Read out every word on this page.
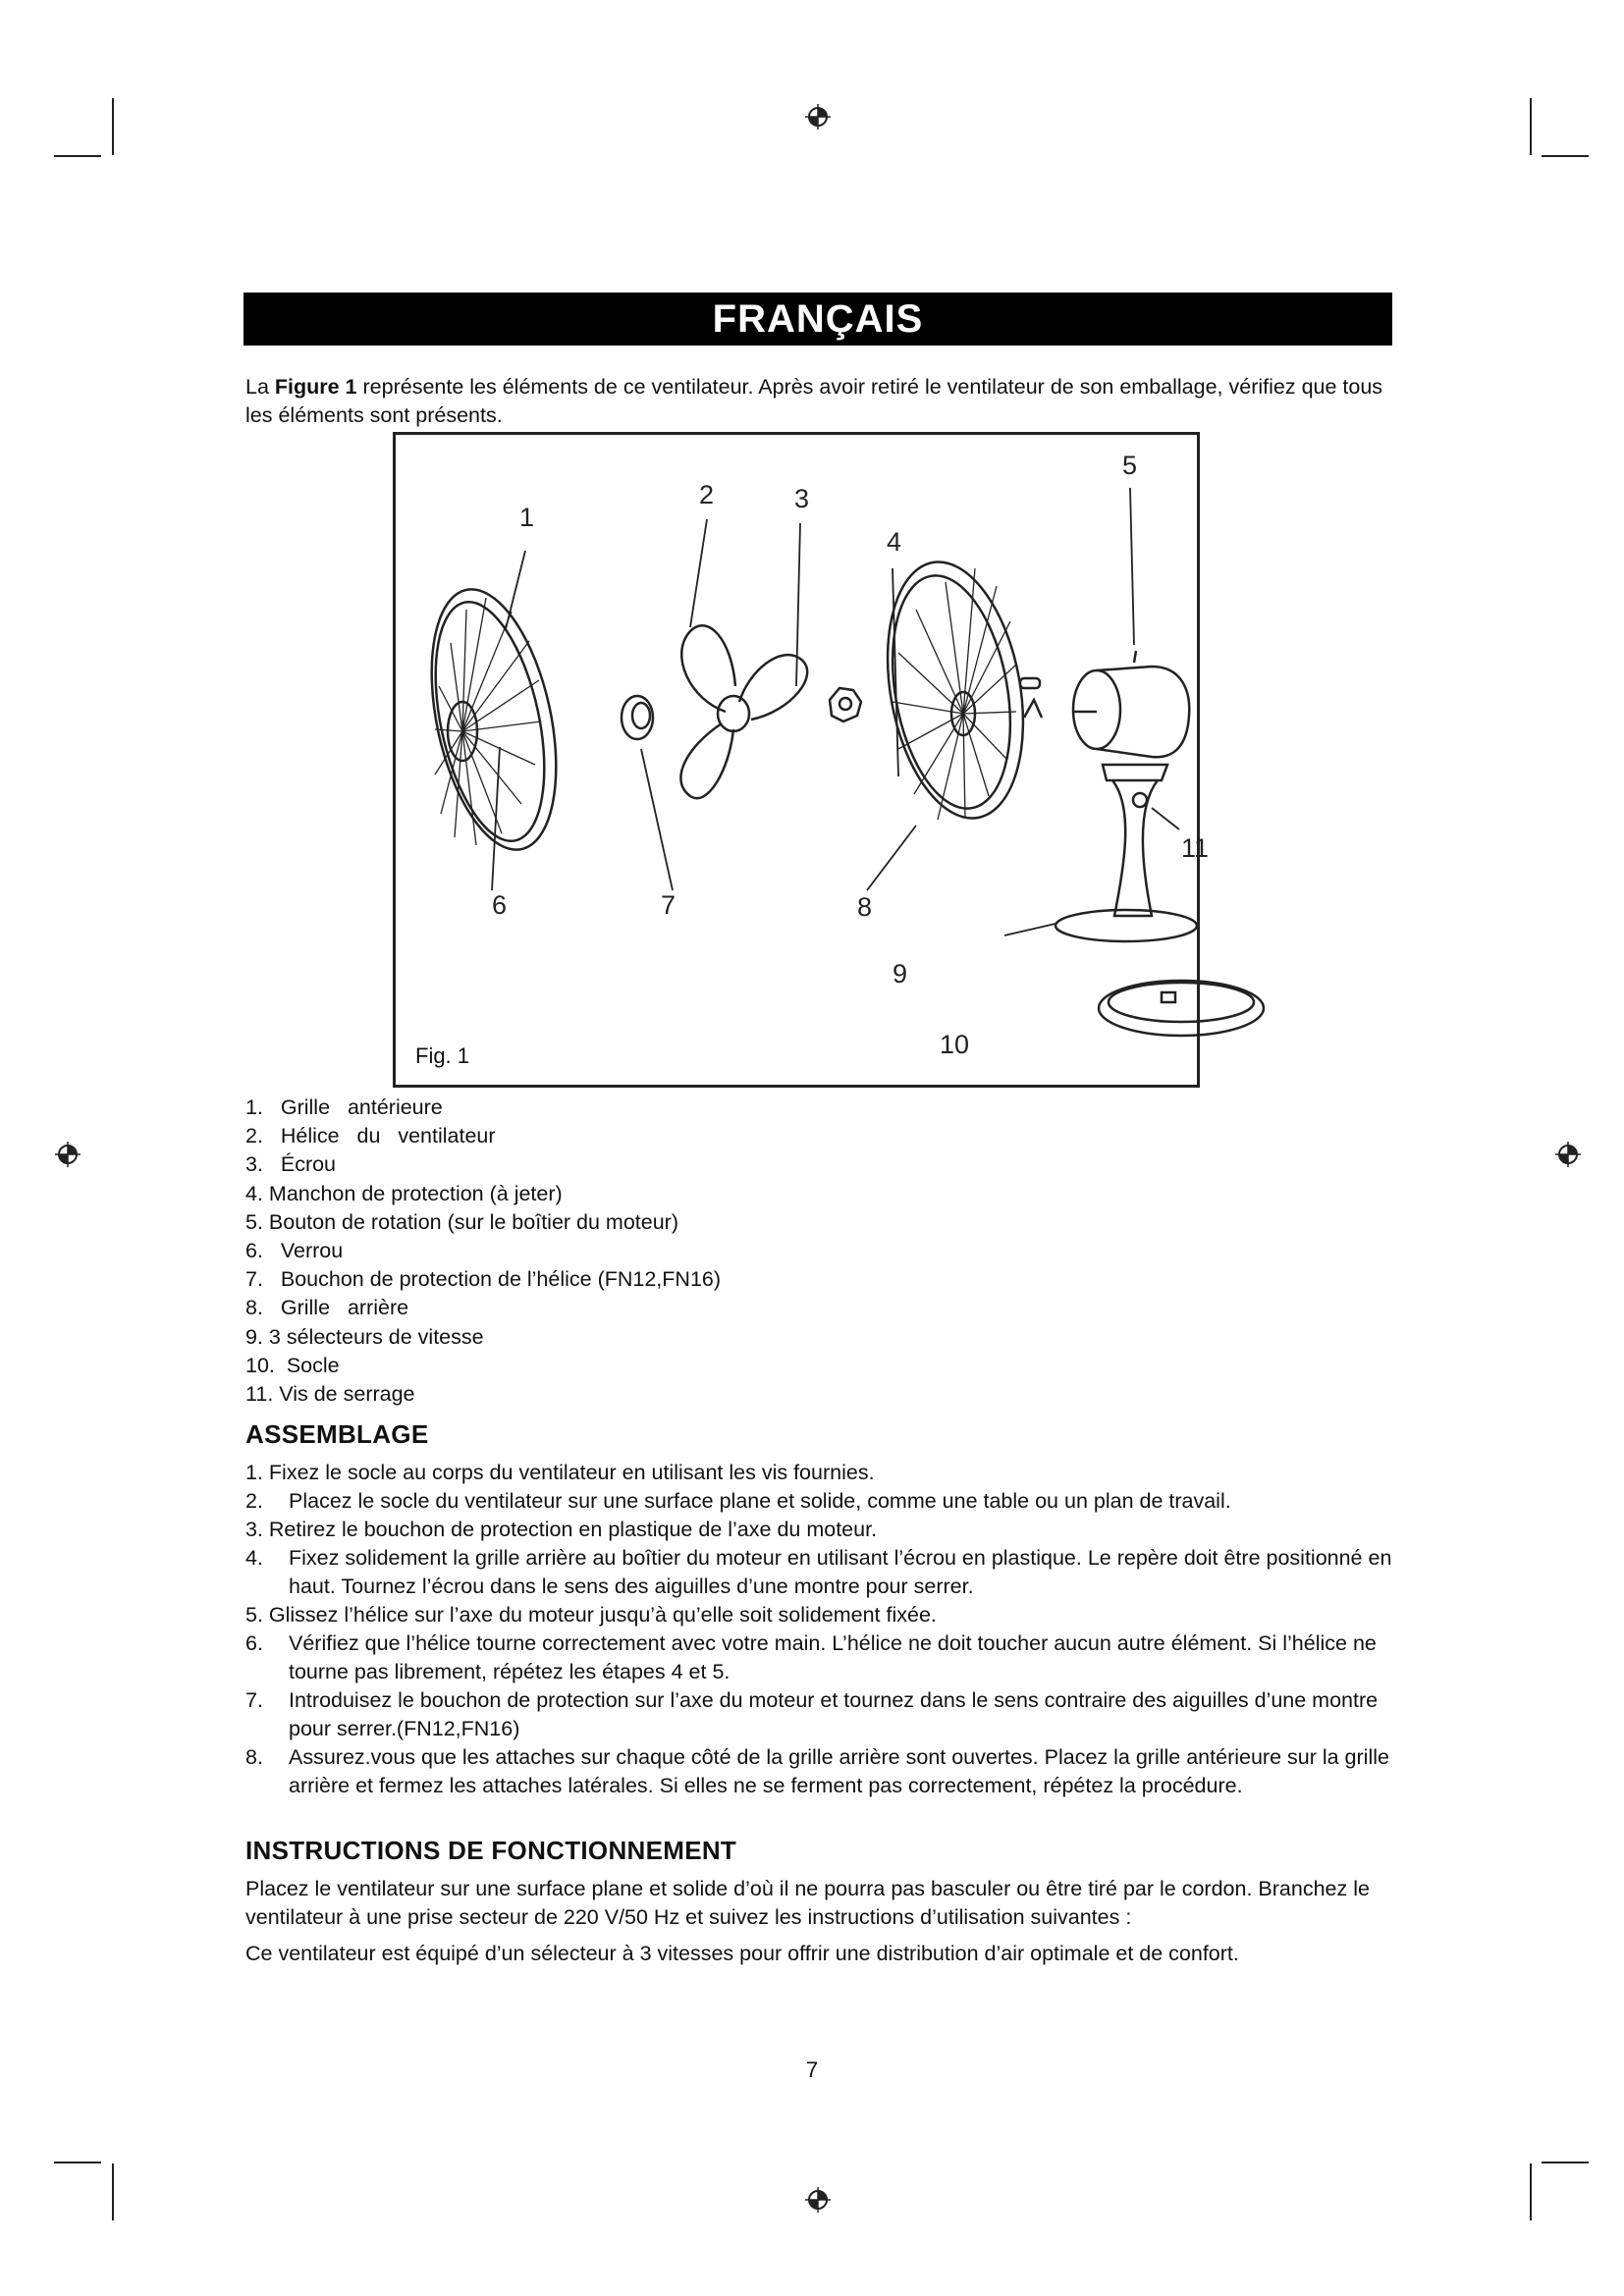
FRANÇAIS

La Figure 1 représente les éléments de ce ventilateur. Après avoir retiré le ventilateur de son emballage, vérifiez que tous les éléments sont présents.

1
2	3
4
5
6	7	8
9
10
11
Fig. 1
1.   Grille   antérieure
2.   Hélice   du   ventilateur
3.   Écrou
4. Manchon de protection (à jeter)
5. Bouton de rotation (sur le boîtier du moteur)
6.   Verrou
7.   Bouchon de protection de l’hélice (FN12,FN16)
8.   Grille   arrière
9. 3 sélecteurs de vitesse
10.  Socle
11. Vis de serrage
ASSEMBLAGE
1. Fixez le socle au corps du ventilateur en utilisant les vis fournies.
2. Placez le socle du ventilateur sur une surface plane et solide, comme une table ou un plan de travail.
3. Retirez le bouchon de protection en plastique de l’axe du moteur.
4. Fixez solidement la grille arrière au boîtier du moteur en utilisant l’écrou en plastique. Le repère doit être positionné en haut. Tournez l’écrou dans le sens des aiguilles d’une montre pour serrer.
5. Glissez l’hélice sur l’axe du moteur jusqu’à qu’elle soit solidement fixée.
6. Vérifiez que l’hélice tourne correctement avec votre main. L’hélice ne doit toucher aucun autre élément. Si l’hélice ne tourne pas librement, répétez les étapes 4 et 5.
7. Introduisez le bouchon de protection sur l’axe du moteur et tournez dans le sens contraire des aiguilles d’une montre pour serrer.(FN12,FN16)
8. Assurez.vous que les attaches sur chaque côté de la grille arrière sont ouvertes. Placez la grille antérieure sur la grille arrière et fermez les attaches latérales. Si elles ne se ferment pas correctement, répétez la procédure.
INSTRUCTIONS DE FONCTIONNEMENT

Placez le ventilateur sur une surface plane et solide d’où il ne pourra pas basculer ou être tiré par le cordon. Branchez le ventilateur à une prise secteur de 220 V/50 Hz et suivez les instructions d’utilisation suivantes :

Ce ventilateur est équipé d’un sélecteur à 3 vitesses pour offrir une distribution d’air optimale et de confort.

7
